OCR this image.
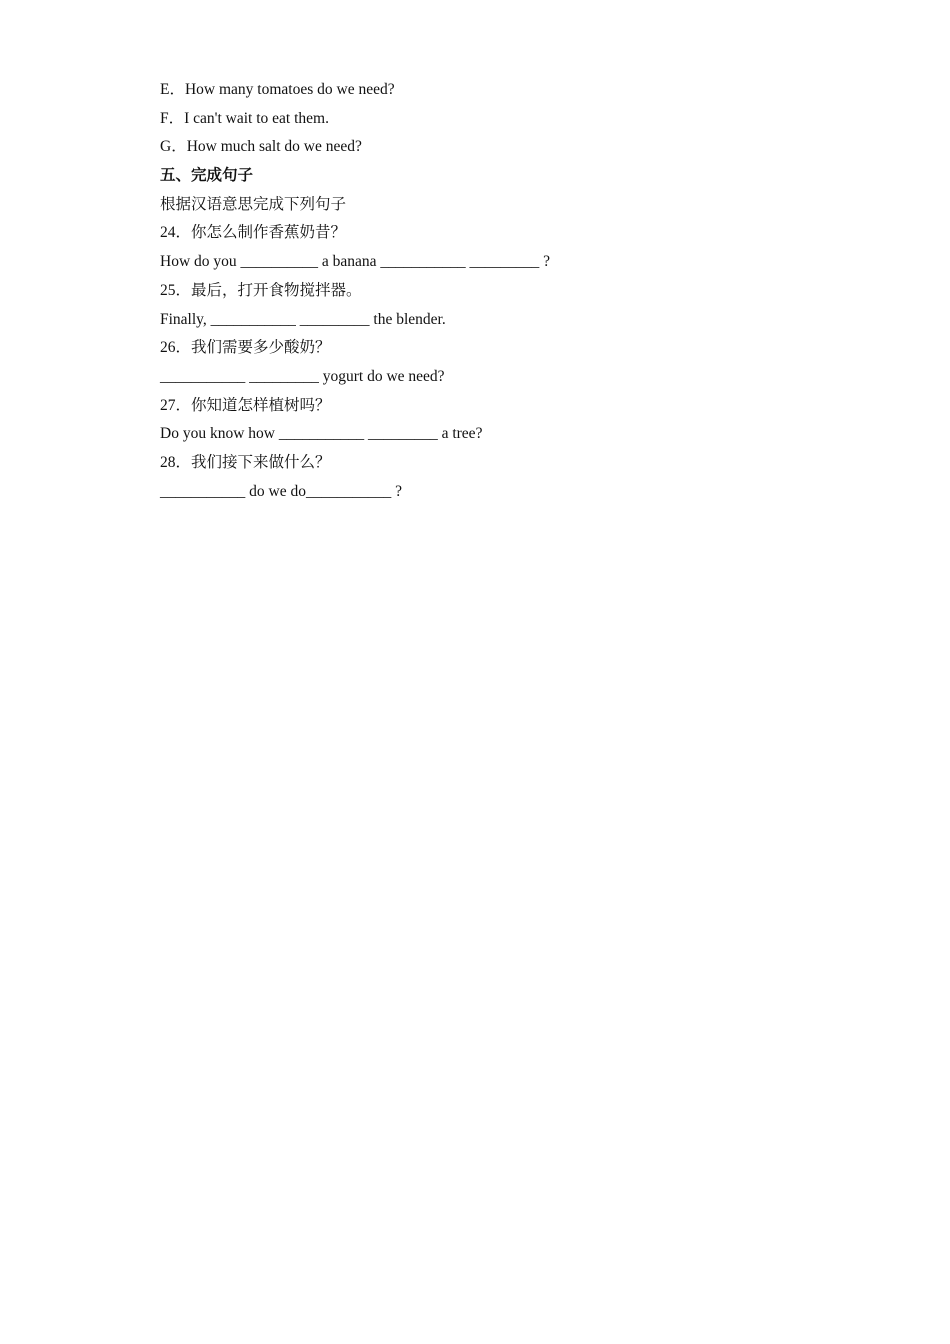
E．How many tomatoes do we need?
F．I can't wait to eat them.
G．How much salt do we need?
五、完成句子
根据汉语意思完成下列句子
24．你怎么制作香蕉奶昔？
How do you __________ a banana ___________ _________ ?
25．最后，打开食物搅拌器。
Finally, ___________ _________ the blender.
26．我们需要多少酸奶？
___________ _________ yogurt do we need?
27．你知道怎样植树吗？
Do you know how ___________ _________ a tree?
28．我们接下来做什么？
___________ do we do___________ ?
